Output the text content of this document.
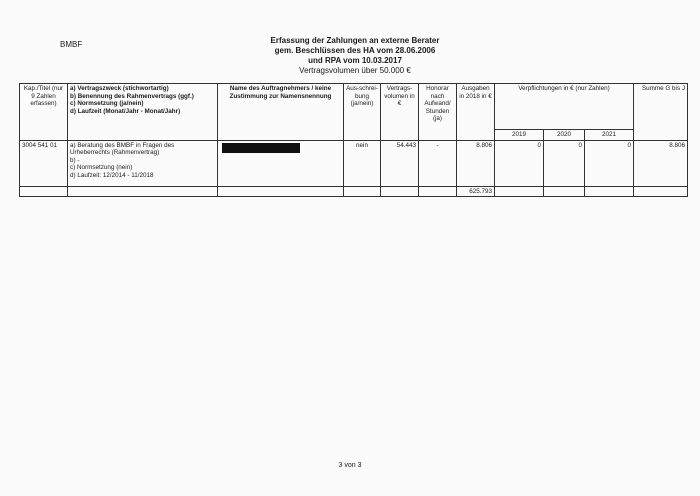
BMBF	Erfassung der Zahlungen an externe Berater
gem. Beschlüssen des HA vom 28.06.2006
und RPA vom 10.03.2017
Vertragsvolumen über 50.000 €
Kap./Titel (nur 9 Zahlen erfassen)	a) Vertragszweck (stichwortartig)
b) Benennung des Rahmenvertrags (ggf.)
c) Normsetzung (ja/nein)
d) Laufzeit (Monat/Jahr - Monat/Jahr)	Name des Auftragnehmers / keine Zustimmung zur Namensnennung	Aus-schrei-bung (ja/nein)	Vertrags-volumen in €	Honorar nach Aufwand/ Stunden (ja)	Ausgaben in 2018 in €	Verpflichtungen in € (nur Zahlen)			Summe G bis J
							2019	2020	2021	
3004 541 01	a) Beratung des BMBF in Fragen des Urheberrechts (Rahmenvertrag)
b) -
c) Normsetzung (nein)
d) Laufzeit: 12/2014 - 11/2018		nein	54.443	-	8.806	0	0	0	8.806
						625.793				
3 von 3
